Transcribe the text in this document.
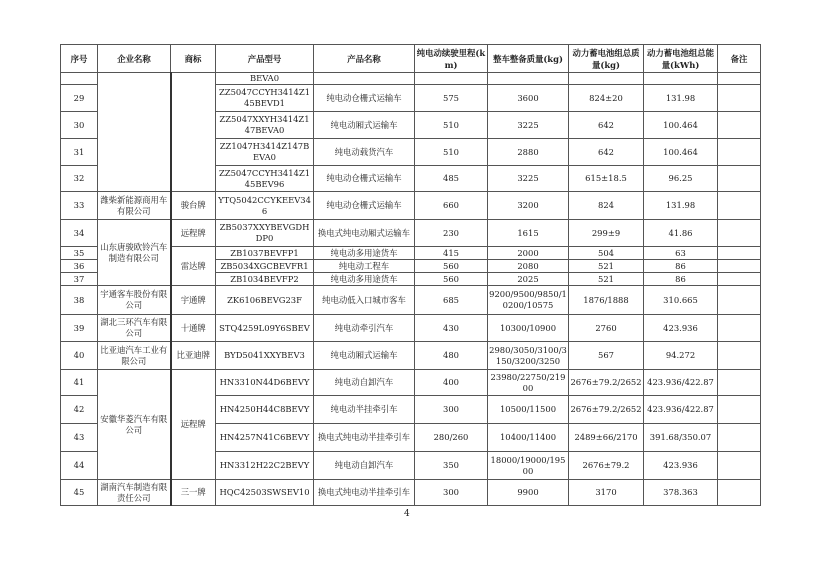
序号	企业名称	商标	产品型号	产品名称	纯电动续驶里程(km)	整车整备质量(kg)	动力蓄电池组总质量(kg)	动力蓄电池组总能量(kWh)	备注
			BEVA0						
29			ZZ5047CCYH3414Z145BEVD1	纯电动仓栅式运输车	575	3600	824±20	131.98	
30			ZZ5047XXYH3414Z147BEVA0	纯电动厢式运输车	510	3225	642	100.464	
31			ZZ1047H3414Z147BEVA0	纯电动载货汽车	510	2880	642	100.464	
32			ZZ5047CCYH3414Z145BEV96	纯电动仓栅式运输车	485	3225	615±18.5	96.25	
33	潍柴新能源商用车有限公司	骏台牌	YTQ5042CCYKEEV346	纯电动仓栅式运输车	660	3200	824	131.98	
34	山东唐骏欧铃汽车制造有限公司	远程牌	ZB5037XXYBEVGDHDP0	换电式纯电动厢式运输车	230	1615	299±9	41.86	
35		雷达牌	ZB1037BEVFP1	纯电动多用途货车	415	2000	504	63	
36			ZB5034XGCBEVFR1	纯电动工程车	560	2080	521	86	
37			ZB1034BEVFP2	纯电动多用途货车	560	2025	521	86	
38	宇通客车股份有限公司	宇通牌	ZK6106BEVG23F	纯电动低入口城市客车	685	9200/9500/9850/10200/10575	1876/1888	310.665	
39	湖北三环汽车有限公司	十通牌	STQ4259L09Y6SBEV	纯电动牵引汽车	430	10300/10900	2760	423.936	
40	比亚迪汽车工业有限公司	比亚迪牌	BYD5041XXYBEV3	纯电动厢式运输车	480	2980/3050/3100/3150/3200/3250	567	94.272	
41	安徽华菱汽车有限公司	远程牌	HN3310N44D6BEVY	纯电动自卸汽车	400	23980/22750/21900	2676±79.2/2652	423.936/422.87	
42			HN4250H44C8BEVY	纯电动半挂牵引车	300	10500/11500	2676±79.2/2652	423.936/422.87	
43			HN4257N41C6BEVY	换电式纯电动半挂牵引车	280/260	10400/11400	2489±66/2170	391.68/350.07	
44			HN3312H22C2BEVY	纯电动自卸汽车	350	18000/19000/19500	2676±79.2	423.936	
45	湖南汽车制造有限责任公司	三一牌	HQC42503SWSEV10	换电式纯电动半挂牵引车	300	9900	3170	378.363	
4
